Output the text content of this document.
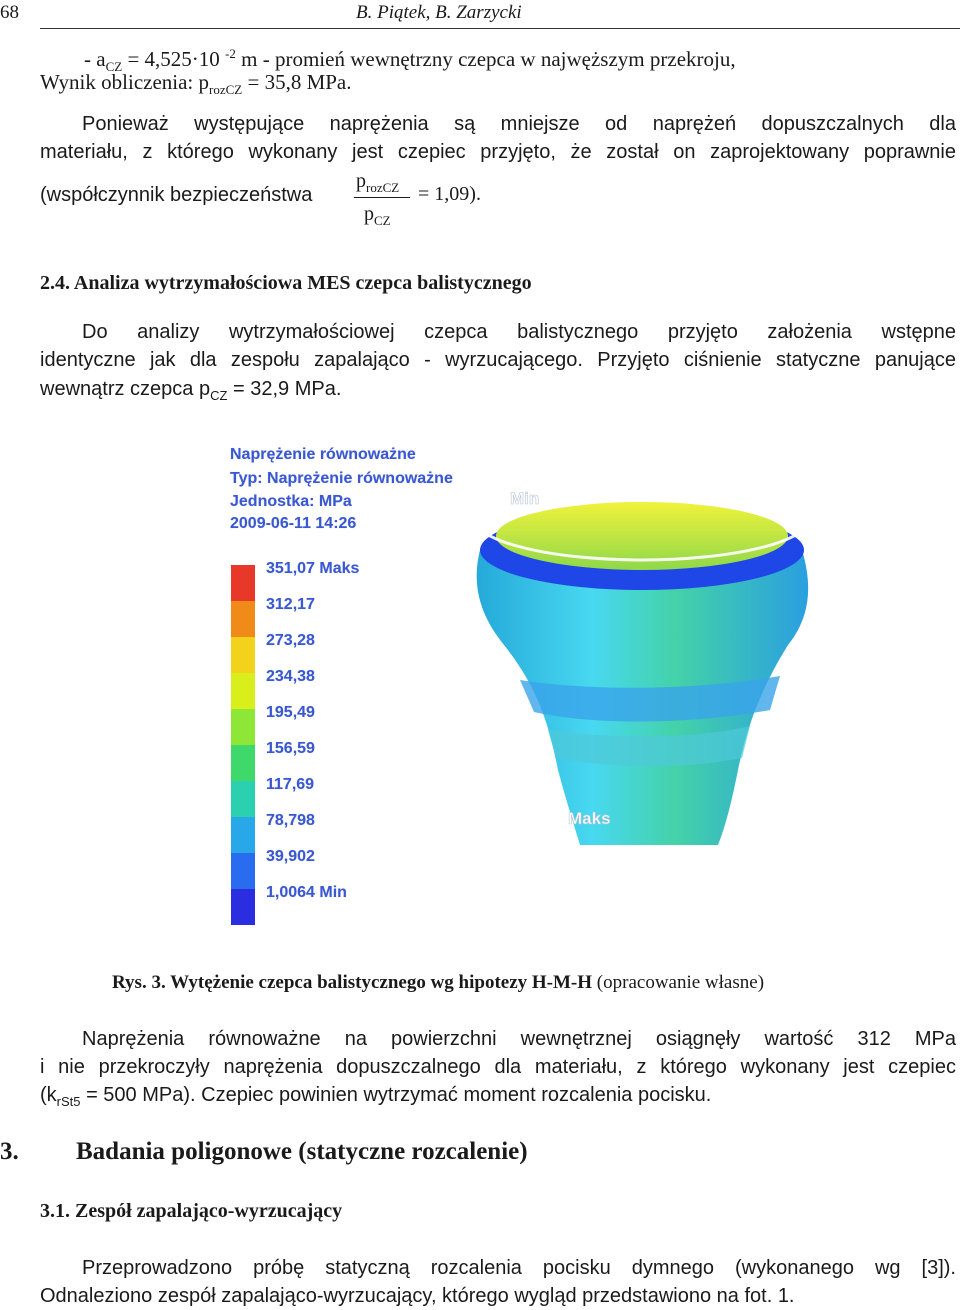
68	B. Piątek, B. Zarzycki
- $a_{CZ} = 4,525\cdot 10$ $^{-2}$ m - promień wewnętrzny czepca w najwęższym przekroju,
Wynik obliczenia: $p_{rozCZ} = 35,8$ MPa.
Ponieważ występujące naprężenia są mniejsze od naprężeń dopuszczalnych dla
materiału, z którego wykonany jest czepiec przyjęto, że został on zaprojektowany poprawnie
(współczynnik bezpieczeństwa
$p_{rozCZ}$
$p_{CZ}$
= 1,09).
2.4. Analiza wytrzymałościowa MES czepca balistycznego
Do analizy wytrzymałościowej czepca balistycznego przyjęto założenia wstępne
identyczne jak dla zespołu zapalająco - wyrzucającego. Przyjęto ciśnienie statyczne panujące
wewnątrz czepca $p_{CZ} = 32,9$ MPa.
Naprężenie równoważne
Typ: Naprężenie równoważne
Jednostka: MPa
2009-06-11 14:26
351,07 Maks
312,17
273,28
234,38
195,49
156,59
117,69
78,798
39,902
1,0064 Min
Min
Maks
Rys. 3. Wytężenie czepca balistycznego wg hipotezy H-M-H (opracowanie własne)
Naprężenia równoważne na powierzchni wewnętrznej osiągnęły wartość 312 MPa
i nie przekroczyły naprężenia dopuszczalnego dla materiału, z którego wykonany jest czepiec
($k_{rSt5} = 500$ MPa). Czepiec powinien wytrzymać moment rozcalenia pocisku.
3. Badania poligonowe (statyczne rozcalenie)
3.1. Zespół zapalająco-wyrzucający
Przeprowadzono próbę statyczną rozcalenia pocisku dymnego (wykonanego wg [3]).
Odnaleziono zespół zapalająco-wyrzucający, którego wygląd przedstawiono na fot. 1.
